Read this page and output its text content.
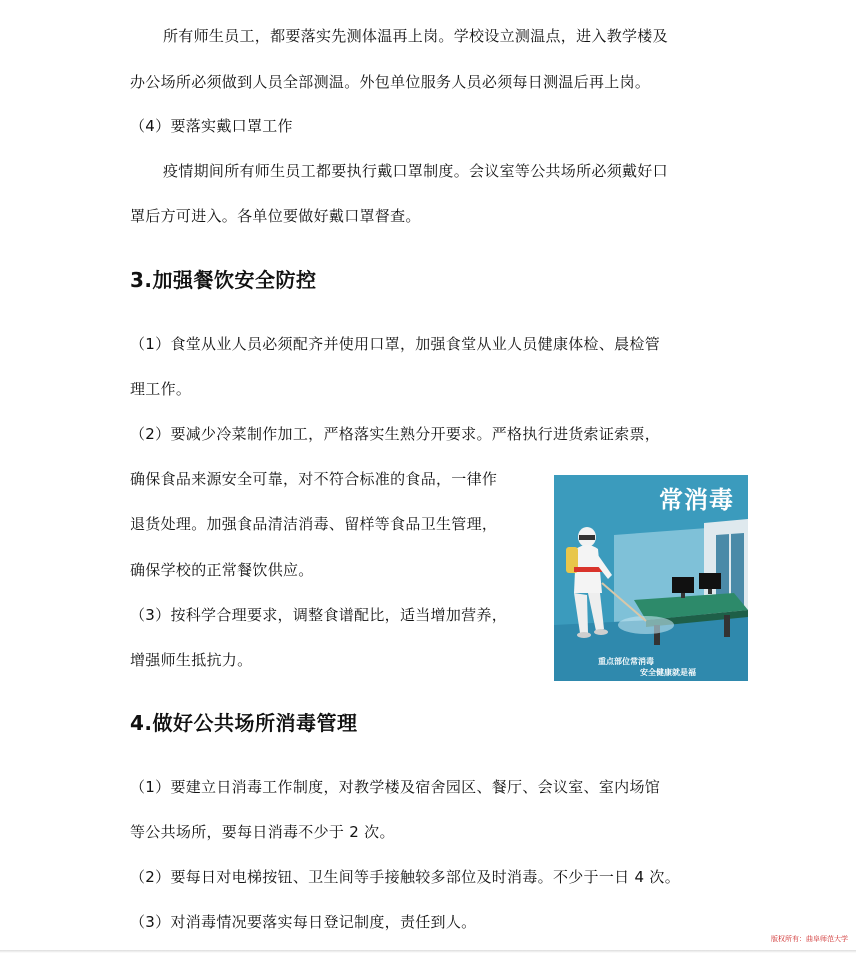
所有师生员工，都要落实先测体温再上岗。学校设立测温点，进入教学楼及
办公场所必须做到人员全部测温。外包单位服务人员必须每日测温后再上岗。
（4）要落实戴口罩工作
疫情期间所有师生员工都要执行戴口罩制度。会议室等公共场所必须戴好口
罩后方可进入。各单位要做好戴口罩督查。
3.加强餐饮安全防控
（1）食堂从业人员必须配齐并使用口罩，加强食堂从业人员健康体检、晨检管
理工作。
（2）要减少冷菜制作加工，严格落实生熟分开要求。严格执行进货索证索票，
确保食品来源安全可靠，对不符合标准的食品，一律作
退货处理。加强食品清洁消毒、留样等食品卫生管理，
确保学校的正常餐饮供应。
（3）按科学合理要求，调整食谱配比，适当增加营养，
增强师生抵抗力。
常消毒
重点部位常消毒
安全健康就是福
4.做好公共场所消毒管理
（1）要建立日消毒工作制度，对教学楼及宿舍园区、餐厅、会议室、室内场馆
等公共场所，要每日消毒不少于 2 次。
（2）要每日对电梯按钮、卫生间等手接触较多部位及时消毒。不少于一日 4 次。
（3）对消毒情况要落实每日登记制度，责任到人。
版权所有：曲阜师范大学
